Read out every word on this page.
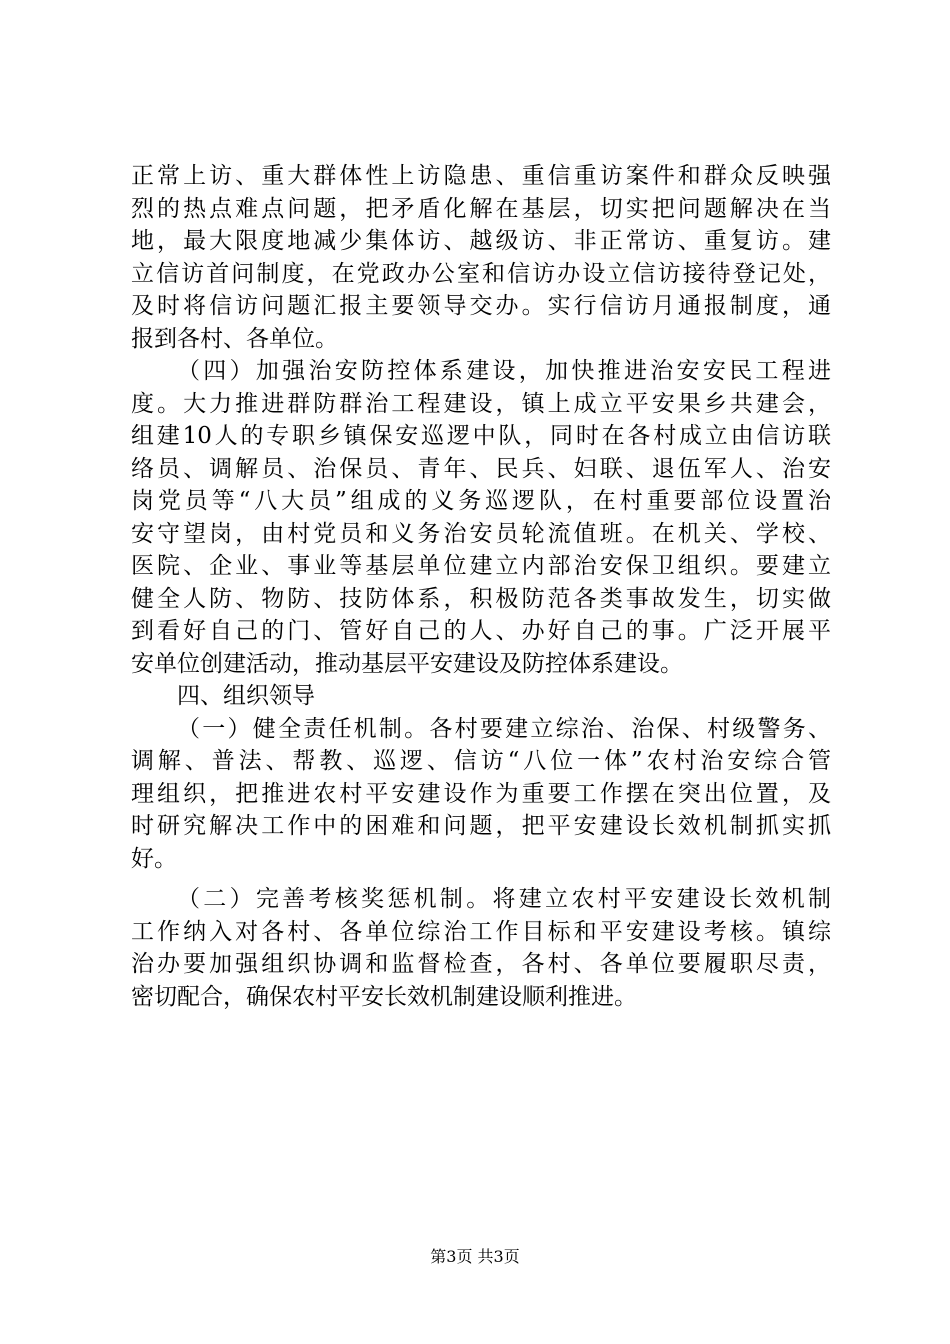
正常上访、重大群体性上访隐患、重信重访案件和群众反映强
烈的热点难点问题，把矛盾化解在基层，切实把问题解决在当
地，最大限度地减少集体访、越级访、非正常访、重复访。建
立信访首问制度，在党政办公室和信访办设立信访接待登记处，
及时将信访问题汇报主要领导交办。实行信访月通报制度，通
报到各村、各单位。
（四）加强治安防控体系建设，加快推进治安安民工程进
度。大力推进群防群治工程建设，镇上成立平安果乡共建会，
组建10人的专职乡镇保安巡逻中队，同时在各村成立由信访联
络员、调解员、治保员、青年、民兵、妇联、退伍军人、治安
岗党员等“八大员”组成的义务巡逻队，在村重要部位设置治
安守望岗，由村党员和义务治安员轮流值班。在机关、学校、
医院、企业、事业等基层单位建立内部治安保卫组织。要建立
健全人防、物防、技防体系，积极防范各类事故发生，切实做
到看好自己的门、管好自己的人、办好自己的事。广泛开展平
安单位创建活动，推动基层平安建设及防控体系建设。
四、组织领导
（一）健全责任机制。各村要建立综治、治保、村级警务、
调解、普法、帮教、巡逻、信访“八位一体”农村治安综合管
理组织，把推进农村平安建设作为重要工作摆在突出位置，及
时研究解决工作中的困难和问题，把平安建设长效机制抓实抓
好。
（二）完善考核奖惩机制。将建立农村平安建设长效机制
工作纳入对各村、各单位综治工作目标和平安建设考核。镇综
治办要加强组织协调和监督检查，各村、各单位要履职尽责，
密切配合，确保农村平安长效机制建设顺利推进。
第3页 共3页
